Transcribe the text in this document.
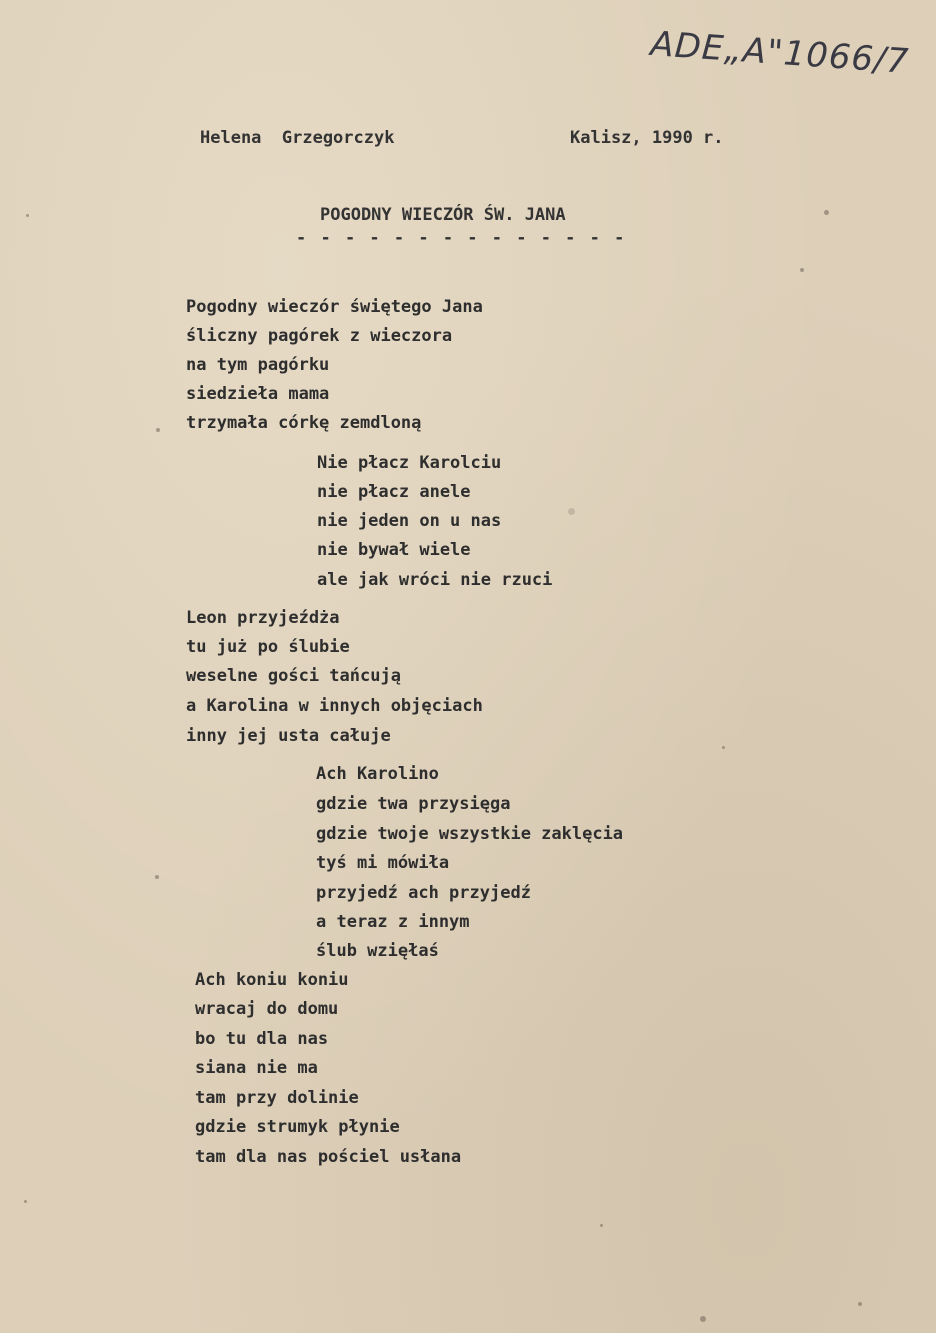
ADE„A"1066/7
Helena  Grzegorczyk	Kalisz, 1990 r.
POGODNY WIECZÓR ŚW. JANA
- - - - - - - - - - - - - -
Pogodny wieczór świętego Jana
śliczny pagórek z wieczora
na tym pagórku
siedzieła mama
trzymała córkę zemdloną
Nie płacz Karolciu
nie płacz anele
nie jeden on u nas
nie bywał wiele
ale jak wróci nie rzuci
Leon przyjeźdża
tu już po ślubie
weselne gości tańcują
a Karolina w innych objęciach
inny jej usta całuje
Ach Karolino
gdzie twa przysięga
gdzie twoje wszystkie zaklęcia
tyś mi mówiła
przyjedź ach przyjedź
a teraz z innym
ślub wzięłaś
Ach koniu koniu
wracaj do domu
bo tu dla nas
siana nie ma
tam przy dolinie
gdzie strumyk płynie
tam dla nas pościel usłana
